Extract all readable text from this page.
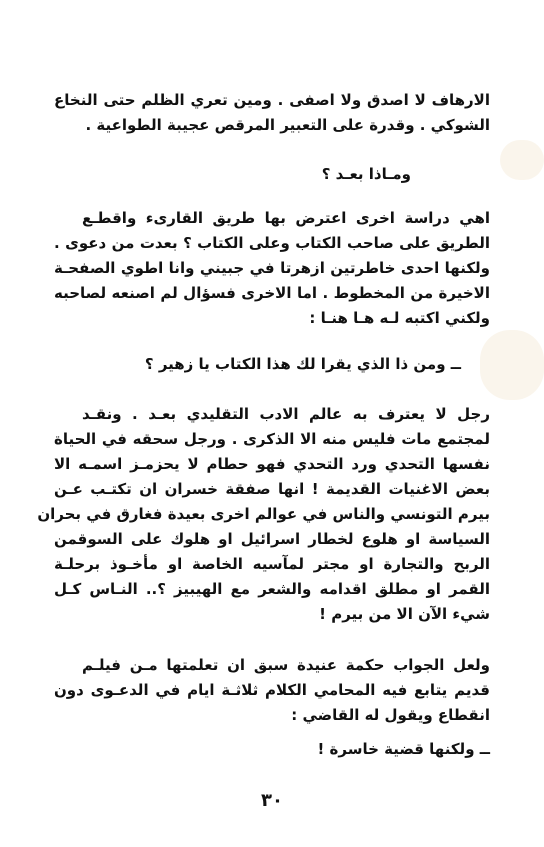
الارهاف لا اصدق ولا اصفى . ومين تعري الظلم حتى النخاع
الشوكي . وقدرة على التعبير المرقص عجيبة الطواعية .
ومـاذا بعـد ؟
اهي دراسة اخرى اعترض بها طريق القارىء واقطـع
الطريق على صاحب الكتاب وعلى الكتاب ؟ بعدت من دعوى .
ولكنها احدى خاطرتين ازهرتا في جبيني وانا اطوي الصفحـة
الاخيرة من المخطوط . اما الاخرى فسؤال لم اصنعه لصاحبه
ولكني اكتبه لـه هـا هنـا :
ــ ومن ذا الذي يقرا لك هذا الكتاب يا زهير ؟
رجل لا يعترف به عالم الادب التقليدي بعـد . ونقـد
لمجتمع مات فليس منه الا الذكرى . ورجل سحقه في الحياة
نفسها التحدي ورد التحدي فهو حطام لا يحزمـز اسمـه الا
بعض الاغنيات القديمة ! انها صفقة خسران ان تكتـب عـن
بيرم التونسي والناس في عوالم اخرى بعيدة فغارق في بحران
السياسة او هلوع لخطار اسرائيل او هلوك على السوق‍من
الربح والتجارة او مجتر لمآسيه الخاصة او مأخـوذ برحلـة
القمر او مطلق اقدامه والشعر مع الهيبيز ؟.. النـاس كـل
شيء الآن الا من بيرم !
ولعل الجواب حكمة عنيدة سبق ان تعلمتها مـن فيلـم
قديم يتابع فيه المحامي الكلام ثلاثـة ايام في الدعـوى دون
انقطاع ويقول له القاضي :
ــ ولكنها قضية خاسرة !
٣٠
